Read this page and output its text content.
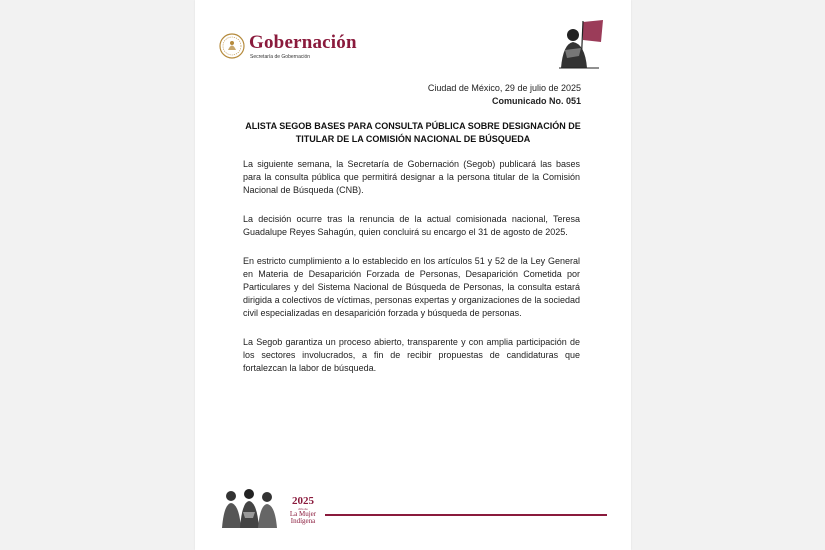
Gobernación
Secretaría de Gobernación
Ciudad de México, 29 de julio de 2025
Comunicado No. 051
ALISTA SEGOB BASES PARA CONSULTA PÚBLICA SOBRE DESIGNACIÓN DE
TITULAR DE LA COMISIÓN NACIONAL DE BÚSQUEDA
La siguiente semana, la Secretaría de Gobernación (Segob) publicará las bases para la consulta pública que permitirá designar a la persona titular de la Comisión Nacional de Búsqueda (CNB).
La decisión ocurre tras la renuncia de la actual comisionada nacional, Teresa Guadalupe Reyes Sahagún, quien concluirá su encargo el 31 de agosto de 2025.
En estricto cumplimiento a lo establecido en los artículos 51 y 52 de la Ley General en Materia de Desaparición Forzada de Personas, Desaparición Cometida por Particulares y del Sistema Nacional de Búsqueda de Personas, la consulta estará dirigida a colectivos de víctimas, personas expertas y organizaciones de la sociedad civil especializadas en desaparición forzada y búsqueda de personas.
La Segob garantiza un proceso abierto, transparente y con amplia participación de los sectores involucrados, a fin de recibir propuestas de candidaturas que fortalezcan la labor de búsqueda.
2025
Año de
La Mujer
Indígena
